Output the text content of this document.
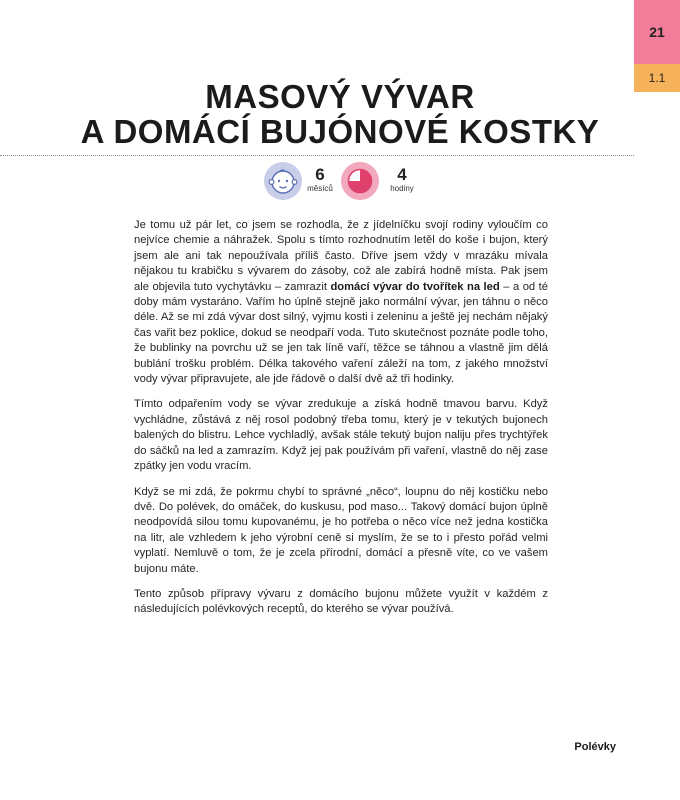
21
1.1
MASOVÝ VÝVAR
A DOMÁCÍ BUJÓNOVÉ KOSTKY
6
měsíců
4
hodiny

Je tomu už pár let, co jsem se rozhodla, že z jídelníčku svojí rodiny vyloučím co nejvíce chemie a náhražek. Spolu s tímto rozhodnutím letěl do koše i bujon, který jsem ale ani tak nepoužívala příliš často. Dříve jsem vždy v mrazáku mívala nějakou tu krabičku s vývarem do zásoby, což ale zabírá hodně místa. Pak jsem ale objevila tuto vychytávku – zamrazit domácí vývar do tvořítek na led – a od té doby mám vystaráno. Vařím ho úplně stejně jako normální vývar, jen táhnu o něco déle. Až se mi zdá vývar dost silný, vyjmu kosti i zeleninu a ještě jej nechám nějaký čas vařit bez poklice, dokud se neodpaří voda. Tuto skutečnost poznáte podle toho, že bublinky na povrchu už se jen tak líně vaří, těžce se táhnou a vlastně jim dělá bublání trošku problém. Délka takového vaření záleží na tom, z jakého množství vody vývar připravujete, ale jde řádově o další dvě až tři hodinky.

Tímto odpařením vody se vývar zredukuje a získá hodně tmavou barvu. Když vychládne, zůstává z něj rosol podobný třeba tomu, který je v tekutých bujonech balených do blistru. Lehce vychladlý, avšak stále tekutý bujon naliju přes trychtýřek do sáčků na led a zamrazím. Když jej pak používám při vaření, vlastně do něj zase zpátky jen vodu vracím.

Když se mi zdá, že pokrmu chybí to správné „něco“, loupnu do něj kostičku nebo dvě. Do polévek, do omáček, do kuskusu, pod maso... Takový domácí bujon úplně neodpovídá silou tomu kupovanému, je ho potřeba o něco více než jedna kostička na litr, ale vzhledem k jeho výrobní ceně si myslím, že se to i přesto pořád velmi vyplatí. Nemluvě o tom, že je zcela přírodní, domácí a přesně víte, co ve vašem bujonu máte.

Tento způsob přípravy vývaru z domácího bujonu můžete využít v každém z následujících polévkových receptů, do kterého se vývar používá.

Polévky
